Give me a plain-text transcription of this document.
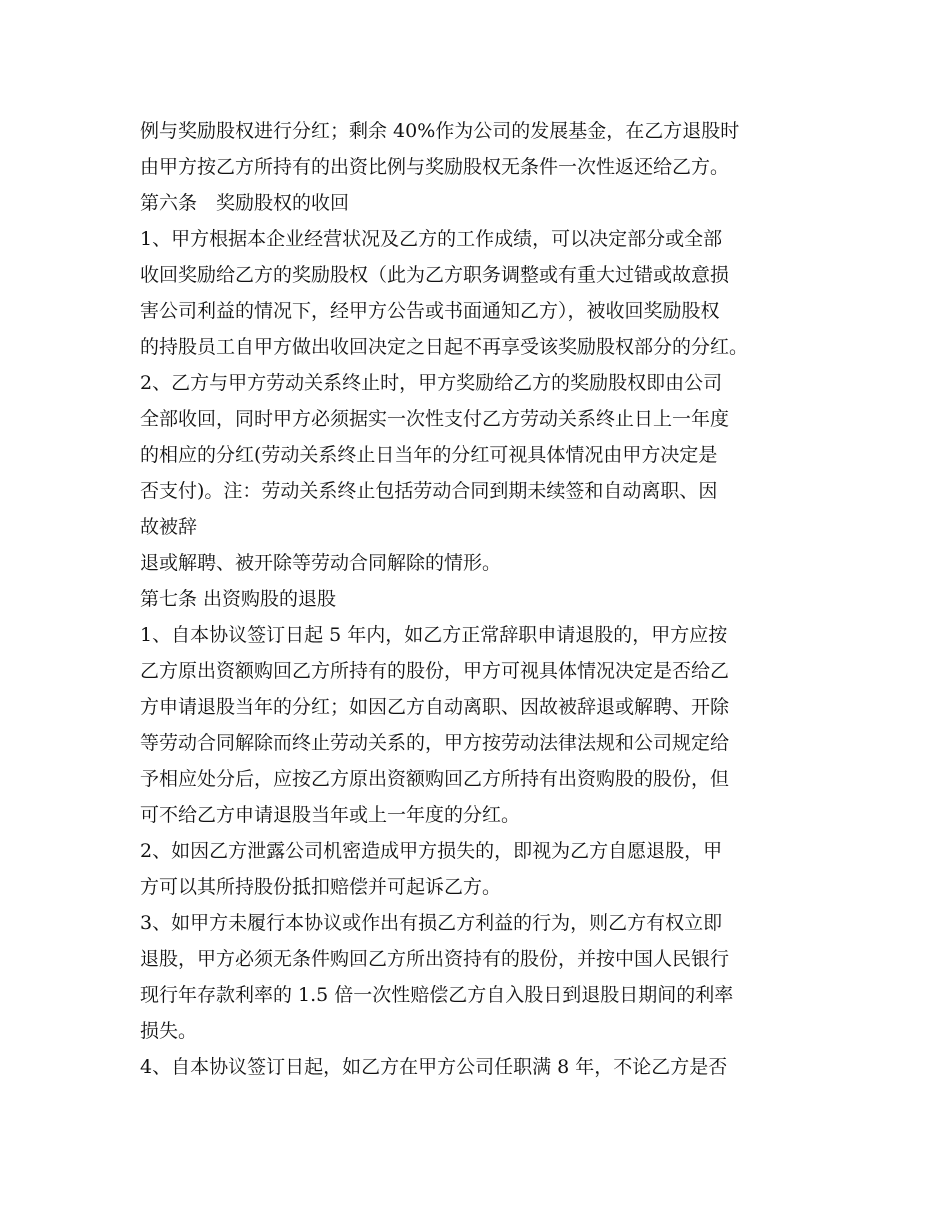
例与奖励股权进行分红；剩余 40%作为公司的发展基金，在乙方退股时
由甲方按乙方所持有的出资比例与奖励股权无条件一次性返还给乙方。
第六条　奖励股权的收回
1、甲方根据本企业经营状况及乙方的工作成绩，可以决定部分或全部
收回奖励给乙方的奖励股权（此为乙方职务调整或有重大过错或故意损
害公司利益的情况下，经甲方公告或书面通知乙方），被收回奖励股权
的持股员工自甲方做出收回决定之日起不再享受该奖励股权部分的分红。
2、乙方与甲方劳动关系终止时，甲方奖励给乙方的奖励股权即由公司
全部收回，同时甲方必须据实一次性支付乙方劳动关系终止日上一年度
的相应的分红(劳动关系终止日当年的分红可视具体情况由甲方决定是
否支付)。注：劳动关系终止包括劳动合同到期未续签和自动离职、因
故被辞
退或解聘、被开除等劳动合同解除的情形。
第七条 出资购股的退股
1、自本协议签订日起 5 年内，如乙方正常辞职申请退股的，甲方应按
乙方原出资额购回乙方所持有的股份，甲方可视具体情况决定是否给乙
方申请退股当年的分红；如因乙方自动离职、因故被辞退或解聘、开除
等劳动合同解除而终止劳动关系的，甲方按劳动法律法规和公司规定给
予相应处分后，应按乙方原出资额购回乙方所持有出资购股的股份，但
可不给乙方申请退股当年或上一年度的分红。
2、如因乙方泄露公司机密造成甲方损失的，即视为乙方自愿退股，甲
方可以其所持股份抵扣赔偿并可起诉乙方。
3、如甲方未履行本协议或作出有损乙方利益的行为，则乙方有权立即
退股，甲方必须无条件购回乙方所出资持有的股份，并按中国人民银行
现行年存款利率的 1.5 倍一次性赔偿乙方自入股日到退股日期间的利率
损失。
4、自本协议签订日起，如乙方在甲方公司任职满 8 年，不论乙方是否
